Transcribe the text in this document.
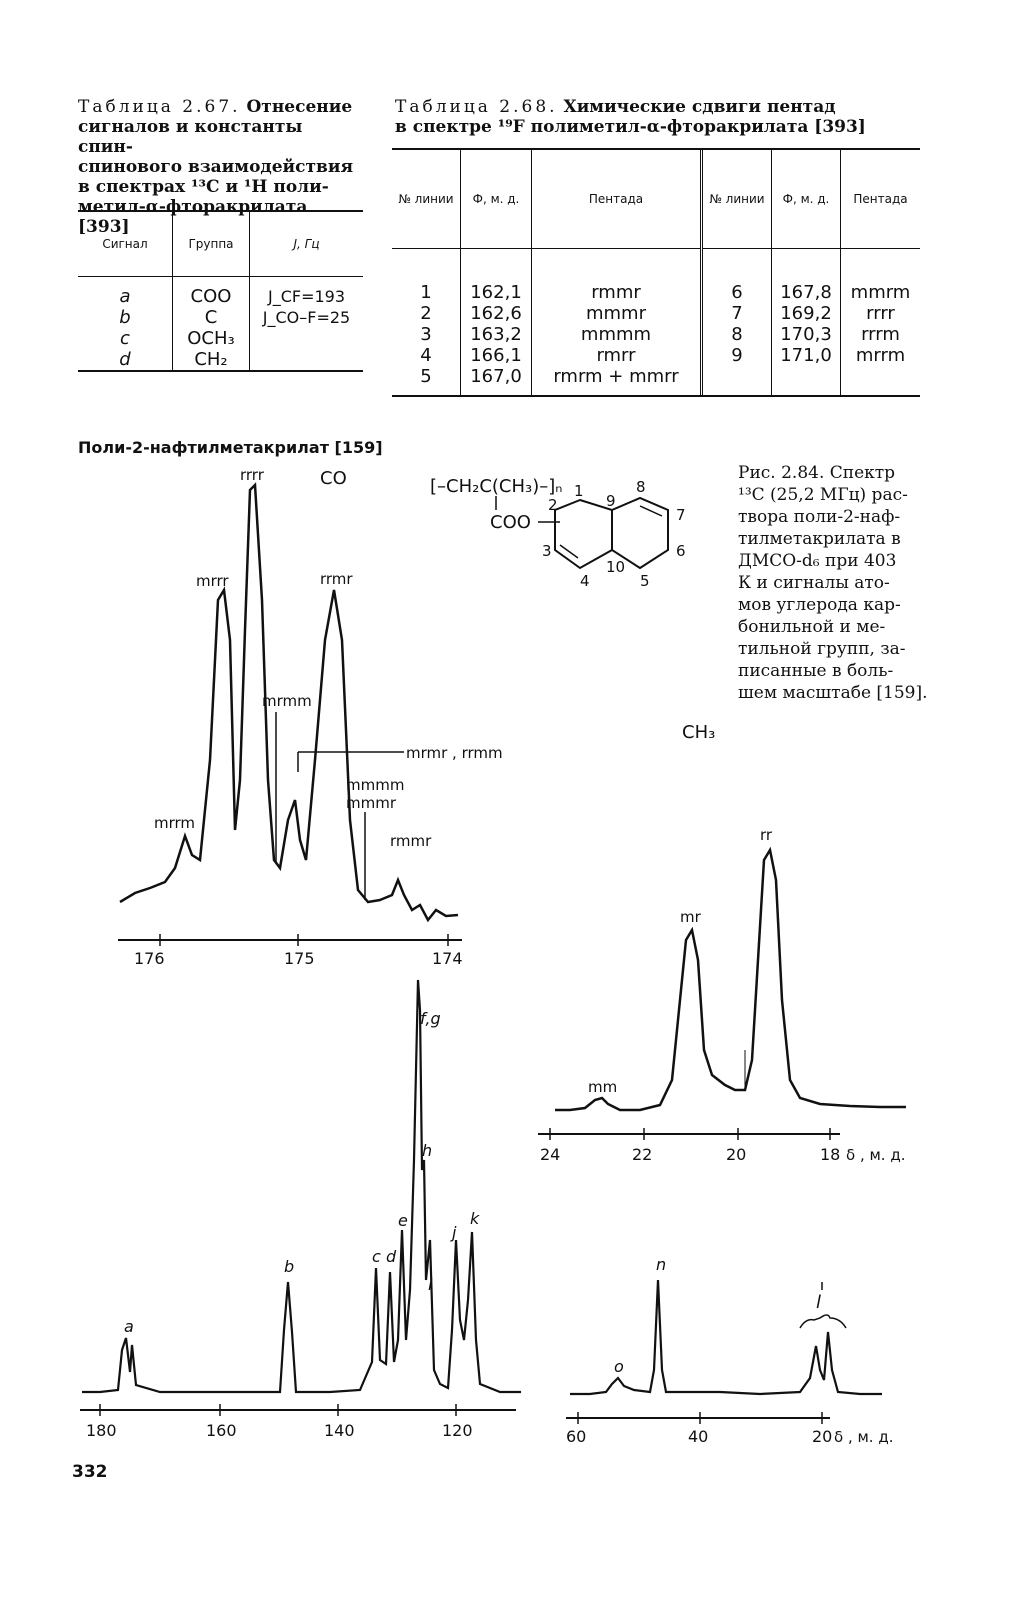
Таблица 2.67. Отнесение
сигналов и константы спин-
спинового взаимодействия
в спектрах ¹³С и ¹Н поли-
метил-α-фторакрилата [393]
Сигнал	Группа	J, Гц

a	COO	J_CF=193
b	C	J_CO–F=25
c	OCH₃	
d	CH₂	
Таблица 2.68. Химические сдвиги пентад
в спектре ¹⁹F полиметил-α-фторакрилата [393]
№ линии	Ф, м. д.	Пентада	№ линии	Ф, м. д.	Пентада

1	162,1	rmmr	6	167,8	mmrm
2	162,6	mmmr	7	169,2	rrrr
3	163,2	mmmm	8	170,3	rrrm
4	166,1	rmrr	9	171,0	mrrm
5	167,0	rmrm + mmrr			

Поли-2-нафтилметакрилат [159]
Рис. 2.84. Спектр
¹³С (25,2 МГц) рас-
твора поли-2-наф-
тилметакрилата в
ДМСО-d₆ при 403
К и сигналы ато-
мов углерода кар-
бонильной и ме-
тильной групп, за-
писанные в боль-
шем масштабе [159].
[–CH₂C(CH₃)–]ₙ
COO
1
2
3
4	5
6
7
8
9
10
CO
rrrr
mrrr	rrmr
mrmm
mrmr , rrmm
mmmm
mmmr
mrrm
rmmr
176	175	174
CH₃
rr
mr
mm
24	22	20	18 δ , м. д.
a
b
c d
e
f,g
h
i
j
k
180	160	140	120
o
n
l
60	40	20 δ , м. д.
332
